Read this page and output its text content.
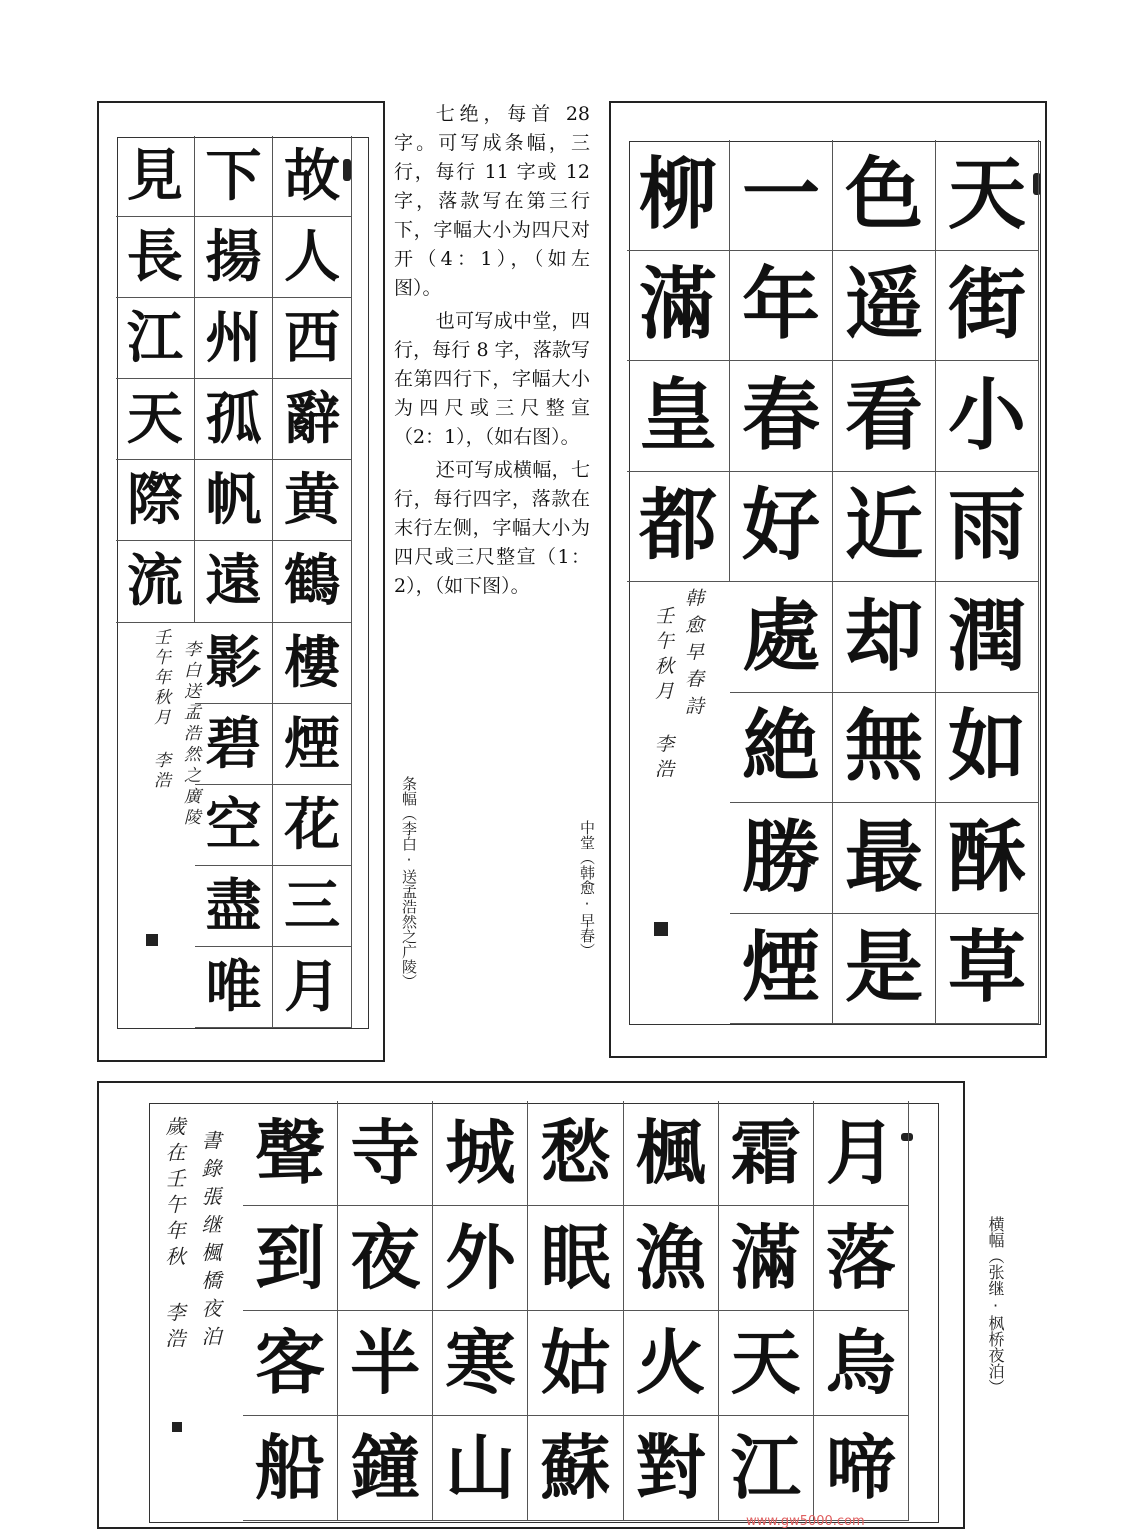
見 下 故
長 揚 人
江 州 西
天 孤 辭
際 帆 黄
流 遠 鶴
影 樓
碧 煙
空 花
盡 三
唯 月
李白送孟浩然之廣陵
壬午年秋月 李浩
条幅（李白·送孟浩然之广陵）

七绝，每首 28 字。可写成条幅，三行，每行 11 字或 12 字，落款写在第三行下，字幅大小为四尺对开（4：1），（如左图）。

也可写成中堂，四行，每行 8 字，落款写在第四行下，字幅大小为四尺或三尺整宣（2：1），（如右图）。

还可写成横幅，七行，每行四字，落款在末行左侧，字幅大小为四尺或三尺整宣（1：2），（如下图）。

柳 一 色 天
滿 年 遥 街
皇 春 看 小
都 好 近 雨
處 却 潤
絶 無 如
勝 最 酥
煙 是 草
韩愈早春詩
壬午秋月 李浩
中堂（韩愈·早春）
聲 寺 城 愁 楓 霜 月
到 夜 外 眠 漁 滿 落
客 半 寒 姑 火 天 烏
船 鐘 山 蘇 對 江 啼
書錄張继楓橋夜泊
歲在壬午年秋 李浩	横幅（张继·枫桥夜泊）
www.gw5000.com
